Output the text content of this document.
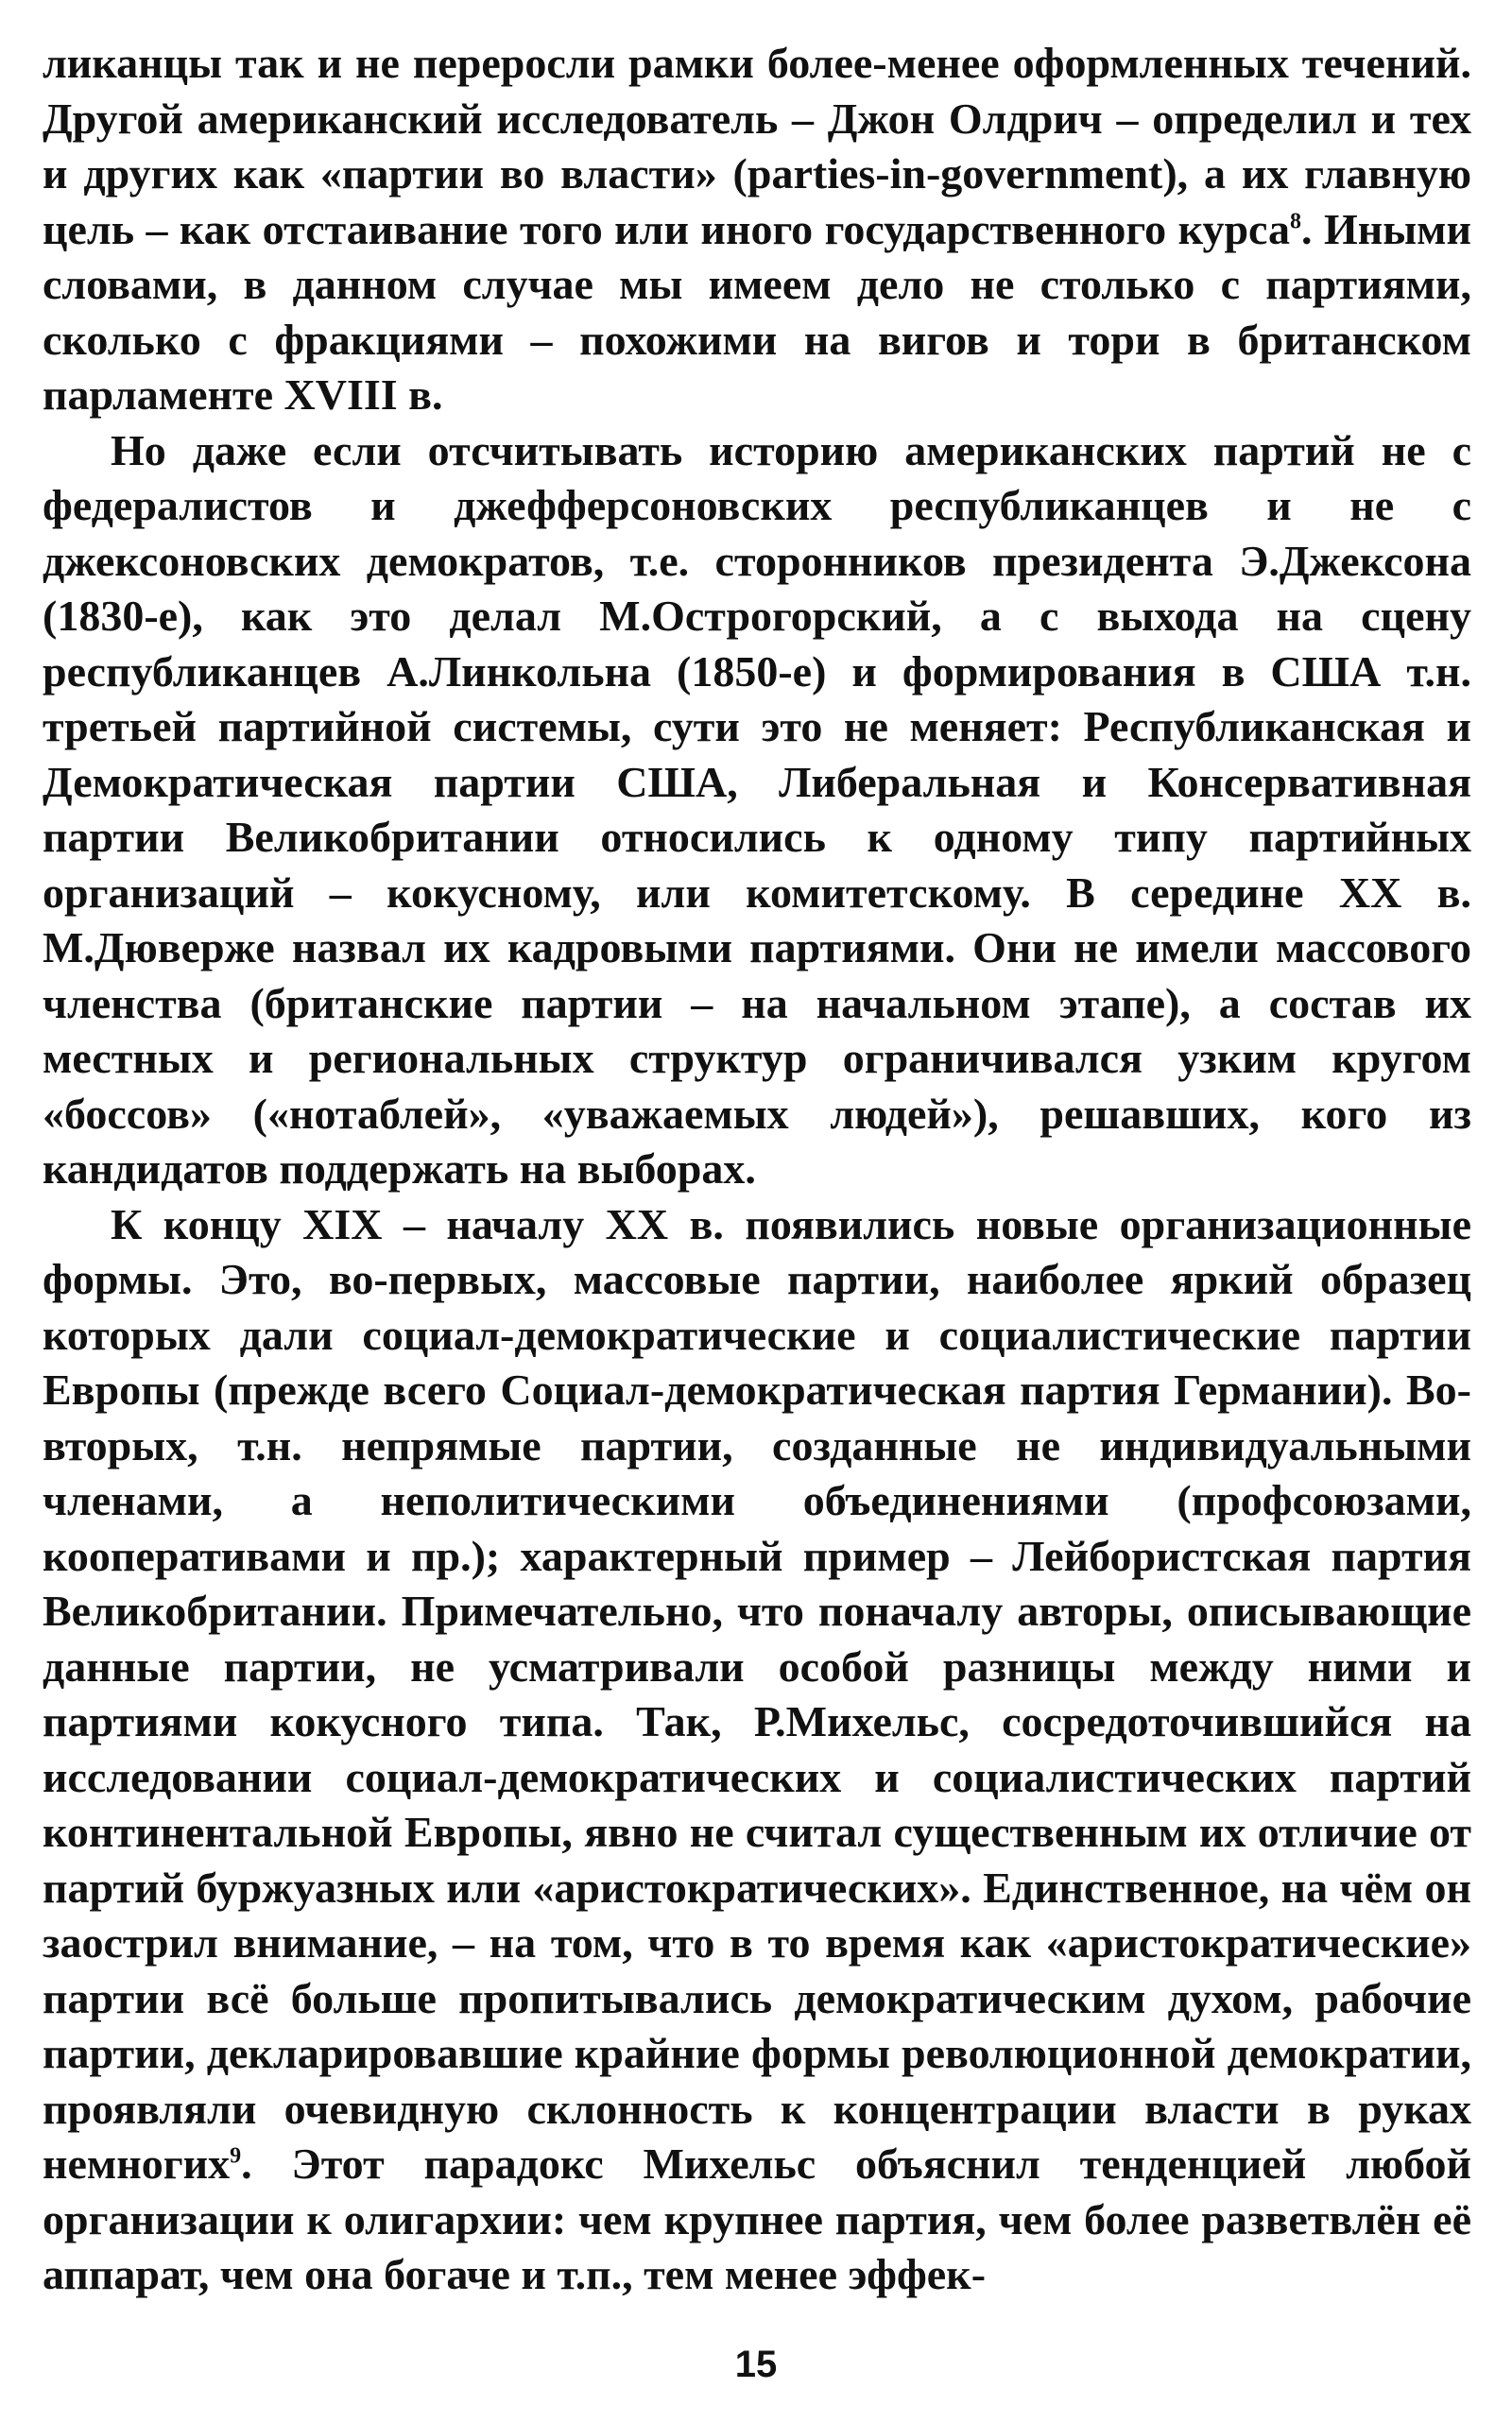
ликанцы так и не переросли рамки более-менее оформленных течений. Другой американский исследователь – Джон Олдрич – определил и тех и других как «партии во власти» (parties-in-government), а их главную цель – как отстаивание того или иного государственного курса$^8$. Иными словами, в данном случае мы имеем дело не столько с партиями, сколько с фракциями – похожими на вигов и тори в британском парламенте XVIII в.

Но даже если отсчитывать историю американских партий не с федералистов и джефферсоновских республиканцев и не с джексоновских демократов, т.е. сторонников президента Э.Джексона (1830-е), как это делал М.Острогорский, а с выхода на сцену республиканцев А.Линкольна (1850-е) и формирования в США т.н. третьей партийной системы, сути это не меняет: Республиканская и Демократическая партии США, Либеральная и Консервативная партии Великобритании относились к одному типу партийных организаций – кокусному, или комитетскому. В середине XX в. М.Дюверже назвал их кадровыми партиями. Они не имели массового членства (британские партии – на начальном этапе), а состав их местных и региональных структур ограничивался узким кругом «боссов» («нотаблей», «уважаемых людей»), решавших, кого из кандидатов поддержать на выборах.

К концу XIX – началу XX в. появились новые организационные формы. Это, во-первых, массовые партии, наиболее яркий образец которых дали социал-демократические и социалистические партии Европы (прежде всего Социал-демократическая партия Германии). Во-вторых, т.н. непрямые партии, созданные не индивидуальными членами, а неполитическими объединениями (профсоюзами, кооперативами и пр.); характерный пример – Лейбористская партия Великобритании. Примечательно, что поначалу авторы, описывающие данные партии, не усматривали особой разницы между ними и партиями кокусного типа. Так, Р.Михельс, сосредоточившийся на исследовании социал-демократических и социалистических партий континентальной Европы, явно не считал существенным их отличие от партий буржуазных или «аристократических». Единственное, на чём он заострил внимание, – на том, что в то время как «аристократические» партии всё больше пропитывались демократическим духом, рабочие партии, декларировавшие крайние формы революционной демократии, проявляли очевидную склонность к концентрации власти в руках немногих$^9$. Этот парадокс Михельс объяснил тенденцией любой организации к олигархии: чем крупнее партия, чем более разветвлён её аппарат, чем она богаче и т.п., тем менее эффек-

15
